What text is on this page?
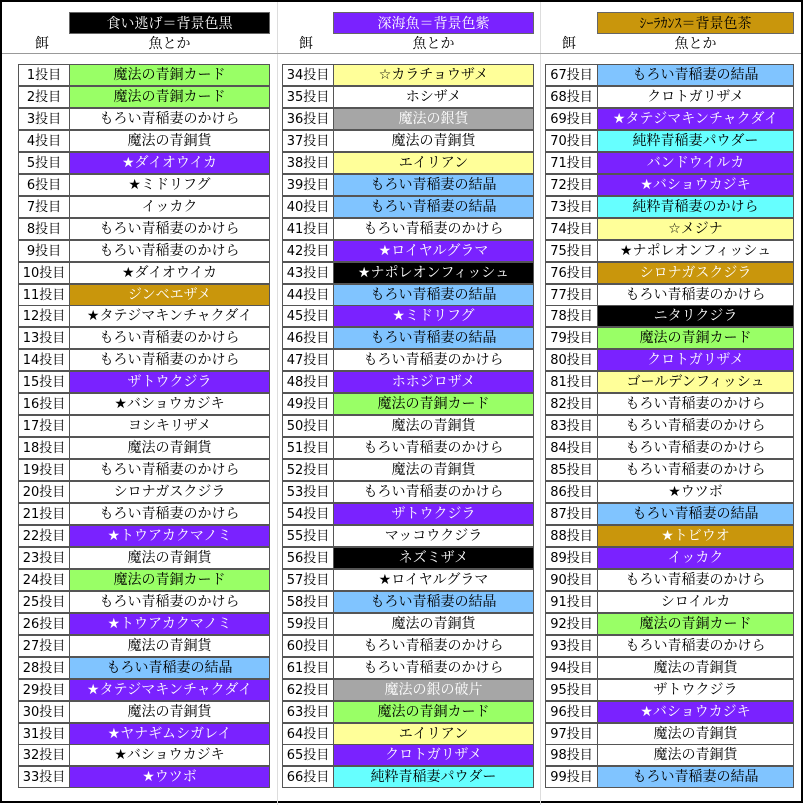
食い逃げ＝背景色黒	深海魚＝背景色紫	ｼｰﾗｶﾝｽ＝背景色茶
餌	魚とか	餌	魚とか	餌	魚とか
1投目	魔法の青銅カード
2投目	魔法の青銅カード
3投目	もろい青稲妻のかけら
4投目	魔法の青銅貨
5投目	★ダイオウイカ
6投目	★ミドリフグ
7投目	イッカク
8投目	もろい青稲妻のかけら
9投目	もろい青稲妻のかけら
10投目	★ダイオウイカ
11投目	ジンベエザメ
12投目	★タテジマキンチャクダイ
13投目	もろい青稲妻のかけら
14投目	もろい青稲妻のかけら
15投目	ザトウクジラ
16投目	★バショウカジキ
17投目	ヨシキリザメ
18投目	魔法の青銅貨
19投目	もろい青稲妻のかけら
20投目	シロナガスクジラ
21投目	もろい青稲妻のかけら
22投目	★トウアカクマノミ
23投目	魔法の青銅貨
24投目	魔法の青銅カード
25投目	もろい青稲妻のかけら
26投目	★トウアカクマノミ
27投目	魔法の青銅貨
28投目	もろい青稲妻の結晶
29投目	★タテジマキンチャクダイ
30投目	魔法の青銅貨
31投目	★ヤナギムシガレイ
32投目	★バショウカジキ
33投目	★ウツボ
34投目	☆カラチョウザメ
35投目	ホシザメ
36投目	魔法の銀貨
37投目	魔法の青銅貨
38投目	エイリアン
39投目	もろい青稲妻の結晶
40投目	もろい青稲妻の結晶
41投目	もろい青稲妻のかけら
42投目	★ロイヤルグラマ
43投目	★ナポレオンフィッシュ
44投目	もろい青稲妻の結晶
45投目	★ミドリフグ
46投目	もろい青稲妻の結晶
47投目	もろい青稲妻のかけら
48投目	ホホジロザメ
49投目	魔法の青銅カード
50投目	魔法の青銅貨
51投目	もろい青稲妻のかけら
52投目	魔法の青銅貨
53投目	もろい青稲妻のかけら
54投目	ザトウクジラ
55投目	マッコウクジラ
56投目	ネズミザメ
57投目	★ロイヤルグラマ
58投目	もろい青稲妻の結晶
59投目	魔法の青銅貨
60投目	もろい青稲妻のかけら
61投目	もろい青稲妻のかけら
62投目	魔法の銀の破片
63投目	魔法の青銅カード
64投目	エイリアン
65投目	クロトガリザメ
66投目	純粋青稲妻パウダー
67投目	もろい青稲妻の結晶
68投目	クロトガリザメ
69投目	★タテジマキンチャクダイ
70投目	純粋青稲妻パウダー
71投目	バンドウイルカ
72投目	★バショウカジキ
73投目	純粋青稲妻のかけら
74投目	☆メジナ
75投目	★ナポレオンフィッシュ
76投目	シロナガスクジラ
77投目	もろい青稲妻のかけら
78投目	ニタリクジラ
79投目	魔法の青銅カード
80投目	クロトガリザメ
81投目	ゴールデンフィッシュ
82投目	もろい青稲妻のかけら
83投目	もろい青稲妻のかけら
84投目	もろい青稲妻のかけら
85投目	もろい青稲妻のかけら
86投目	★ウツボ
87投目	もろい青稲妻の結晶
88投目	★トビウオ
89投目	イッカク
90投目	もろい青稲妻のかけら
91投目	シロイルカ
92投目	魔法の青銅カード
93投目	もろい青稲妻のかけら
94投目	魔法の青銅貨
95投目	ザトウクジラ
96投目	★バショウカジキ
97投目	魔法の青銅貨
98投目	魔法の青銅貨
99投目	もろい青稲妻の結晶
